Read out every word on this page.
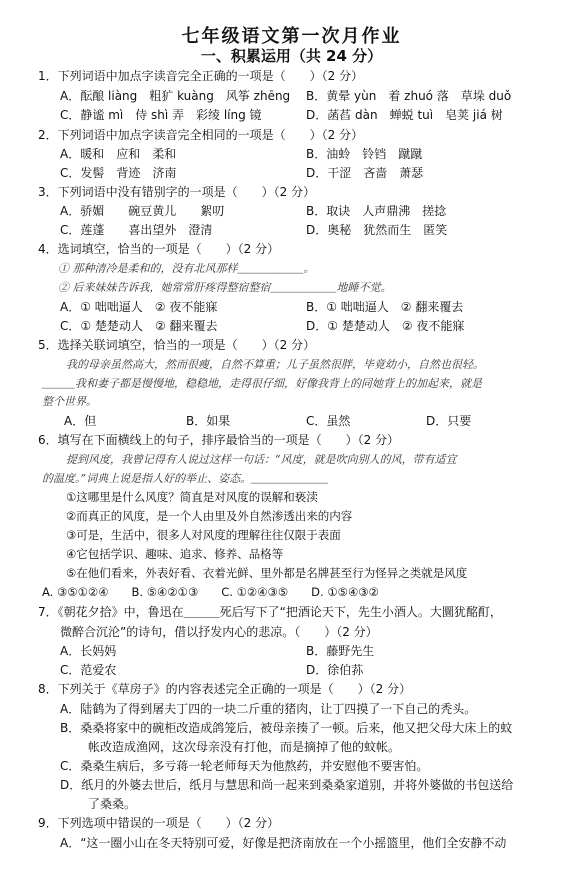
七年级语文第一次月作业
一、积累运用（共 24 分）
1．下列词语中加点字读音完全正确的一项是（　　）（2 分）
A．酝酿 liàng　粗犷 kuàng　风筝 zhēng B．黄晕 yùn　着 zhuó 落　草垛 duǒ
C．静谧 mì　侍 shì 弄　彩绫 líng 镜	D．菡萏 dàn　蝉蜕 tuì　皂荚 jiá 树
2．下列词语中加点字读音完全相同的一项是（　　）（2 分）
A．暖和　应和　柔和	B．油蛉　铃铛　蹴蹴
C．发髻　背迹　济南	D．干涩　吝啬　萧瑟
3．下列词语中没有错别字的一项是（　　）（2 分）
A．骄媚　　碗豆黄儿　　絮叨	B．取诀　人声鼎沸　搓捻
C．莲蓬　　喜出望外　澄清	D．奥秘　犹然而生　匿笑
4．选词填空，恰当的一项是（　　）（2 分）
① 那种清冷是柔和的，没有北风那样＿＿＿＿＿＿。
② 后来妹妹告诉我，她常常肝疼得整宿整宿＿＿＿＿＿＿地睡不觉。
A．① 咄咄逼人　② 夜不能寐	B．① 咄咄逼人　② 翻来覆去
C．① 楚楚动人　② 翻来覆去	D．① 楚楚动人　② 夜不能寐
5．选择关联词填空，恰当的一项是（　　）（2 分）
我的母亲虽然高大，然而很瘦，自然不算重；儿子虽然很胖，毕竟幼小，自然也很轻。
＿＿＿我和妻子都是慢慢地，稳稳地，走得很仔细，好像我背上的同她背上的加起来，就是
整个世界。
A．但	B．如果	C．虽然	D．只要
6．填写在下面横线上的句子，排序最恰当的一项是（　　）（2 分）
提到风度，我曾记得有人说过这样一句话：“风度，就是吹向别人的风，带有适宜
的温度。”词典上说是指人好的举止、姿态。＿＿＿＿＿＿＿
①这哪里是什么风度？简直是对风度的误解和亵渎
②而真正的风度，是一个人由里及外自然渗透出来的内容
③可是，生活中，很多人对风度的理解往往仅限于表面
④它包括学识、趣味、追求、修养、品格等
⑤在他们看来，外表好看、衣着光鲜、里外都是名牌甚至行为怪异之类就是风度
A. ③⑤①②④　　B. ⑤④②①③　　C. ①②④③⑤　　D. ①⑤④③②
7．《朝花夕拾》中，鲁迅在＿＿＿死后写下了“把酒论天下，先生小酒人。大圜犹酩酊，
微醉合沉沦”的诗句，借以抒发内心的悲凉。（　　）（2 分）
A．长妈妈	B．藤野先生
C．范爱农	D．徐伯荪
8．下列关于《草房子》的内容表述完全正确的一项是（　　）（2 分）
A．陆鹤为了得到屠夫丁四的一块二斤重的猪肉，让丁四摸了一下自己的秃头。
B．桑桑将家中的碗柜改造成鸽笼后，被母亲揍了一顿。后来，他又把父母大床上的蚊
帐改造成渔网，这次母亲没有打他，而是摘掉了他的蚊帐。
C．桑桑生病后，多亏蒋一轮老师每天为他熬药，并安慰他不要害怕。
D．纸月的外婆去世后，纸月与慧思和尚一起来到桑桑家道别，并将外婆做的书包送给
了桑桑。
9．下列选项中错误的一项是（　　）（2 分）
A．“这一圈小山在冬天特别可爱，好像是把济南放在一个小摇篮里，他们全安静不动
